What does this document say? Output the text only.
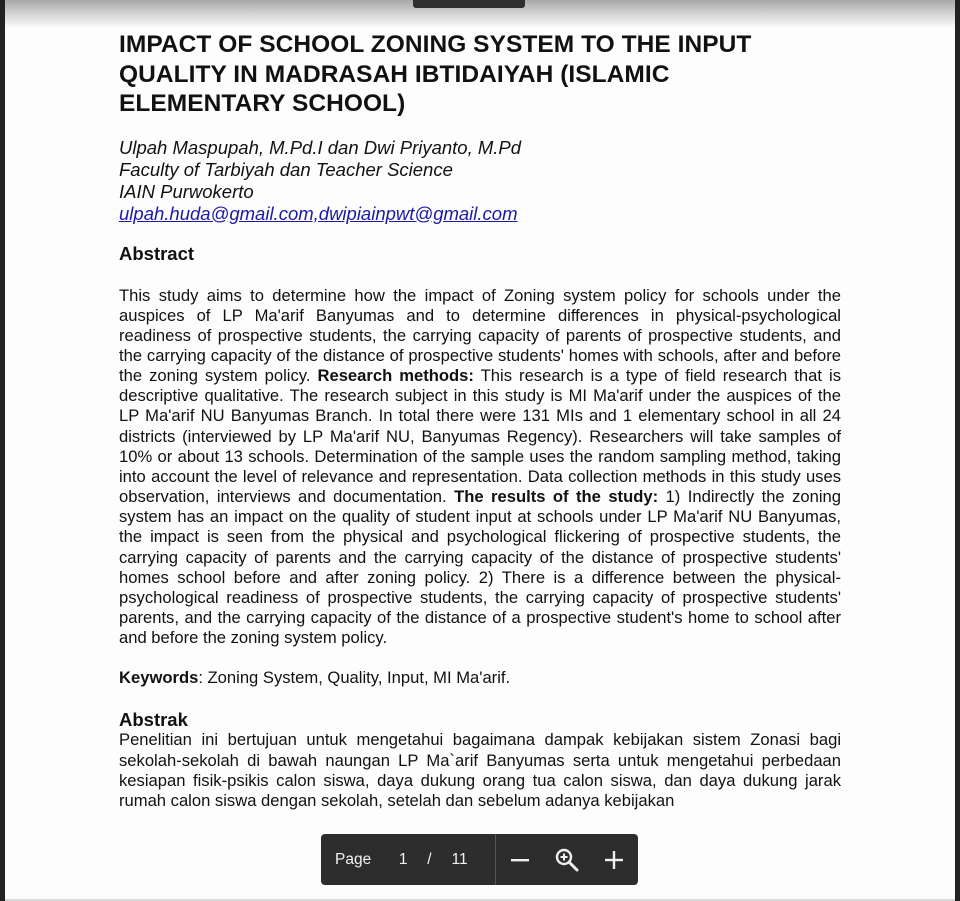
IMPACT OF SCHOOL ZONING SYSTEM TO THE INPUT
QUALITY IN MADRASAH IBTIDAIYAH (ISLAMIC
ELEMENTARY SCHOOL)
Ulpah Maspupah, M.Pd.I dan Dwi Priyanto, M.Pd
Faculty of Tarbiyah dan Teacher Science
IAIN Purwokerto
ulpah.huda@gmail.com,dwipiainpwt@gmail.com
Abstract
This study aims to determine how the impact of Zoning system policy for schools under the auspices of LP Ma'arif Banyumas and to determine differences in physical-psychological readiness of prospective students, the carrying capacity of parents of prospective students, and the carrying capacity of the distance of prospective students' homes with schools, after and before the zoning system policy. Research methods: This research is a type of field research that is descriptive qualitative. The research subject in this study is MI Ma'arif under the auspices of the LP Ma'arif NU Banyumas Branch. In total there were 131 MIs and 1 elementary school in all 24 districts (interviewed by LP Ma'arif NU, Banyumas Regency). Researchers will take samples of 10% or about 13 schools. Determination of the sample uses the random sampling method, taking into account the level of relevance and representation. Data collection methods in this study uses observation, interviews and documentation. The results of the study: 1) Indirectly the zoning system has an impact on the quality of student input at schools under LP Ma'arif NU Banyumas, the impact is seen from the physical and psychological flickering of prospective students, the carrying capacity of parents and the carrying capacity of the distance of prospective students' homes school before and after zoning policy. 2) There is a difference between the physical-psychological readiness of prospective students, the carrying capacity of prospective students' parents, and the carrying capacity of the distance of a prospective student's home to school after and before the zoning system policy.
Keywords: Zoning System, Quality, Input, MI Ma'arif.
Abstrak
Penelitian ini bertujuan untuk mengetahui bagaimana dampak kebijakan sistem Zonasi bagi sekolah-sekolah di bawah naungan LP Ma`arif Banyumas serta untuk mengetahui perbedaan kesiapan fisik-psikis calon siswa, daya dukung orang tua calon siswa, dan daya dukung jarak rumah calon siswa dengan sekolah, setelah dan sebelum adanya kebijakan
Page 1 / 11
